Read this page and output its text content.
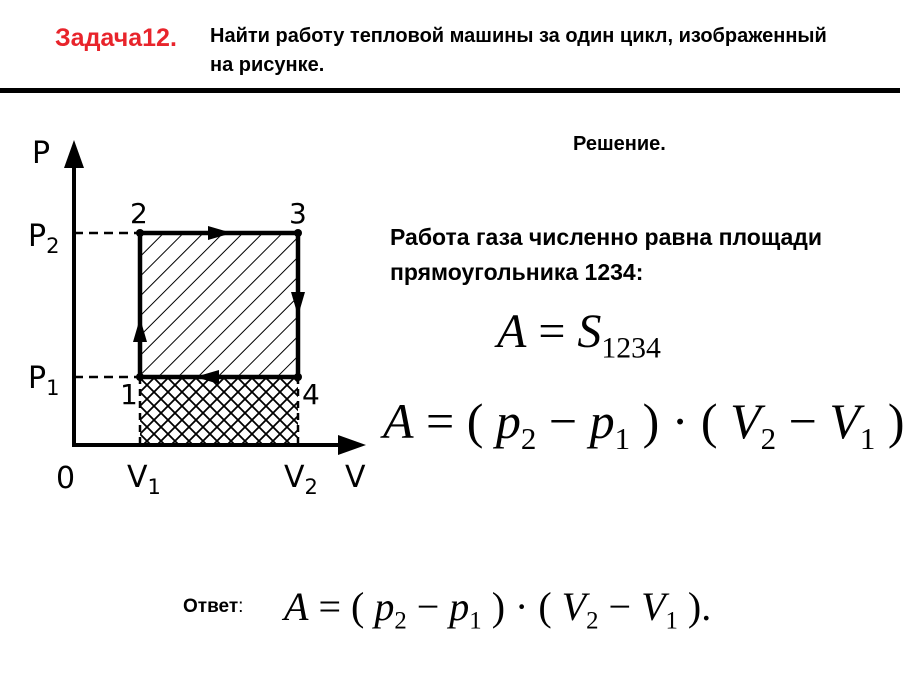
Задача12. Найти работу тепловой машины за один цикл, изображенный на рисунке.
P
V
0
$P_2$
$P_1$
$V_1$	$V_2$
1
2	3
4
Решение.
Работа газа численно равна площади прямоугольника 1234:
$A = S_{1234}$
A = ( $p_2 - p_1$ ) · ( $V_2 - V_1$ )
Ответ: A = ( $p_2 - p_1$ ) · ( $V_2 - V_1$ ).
